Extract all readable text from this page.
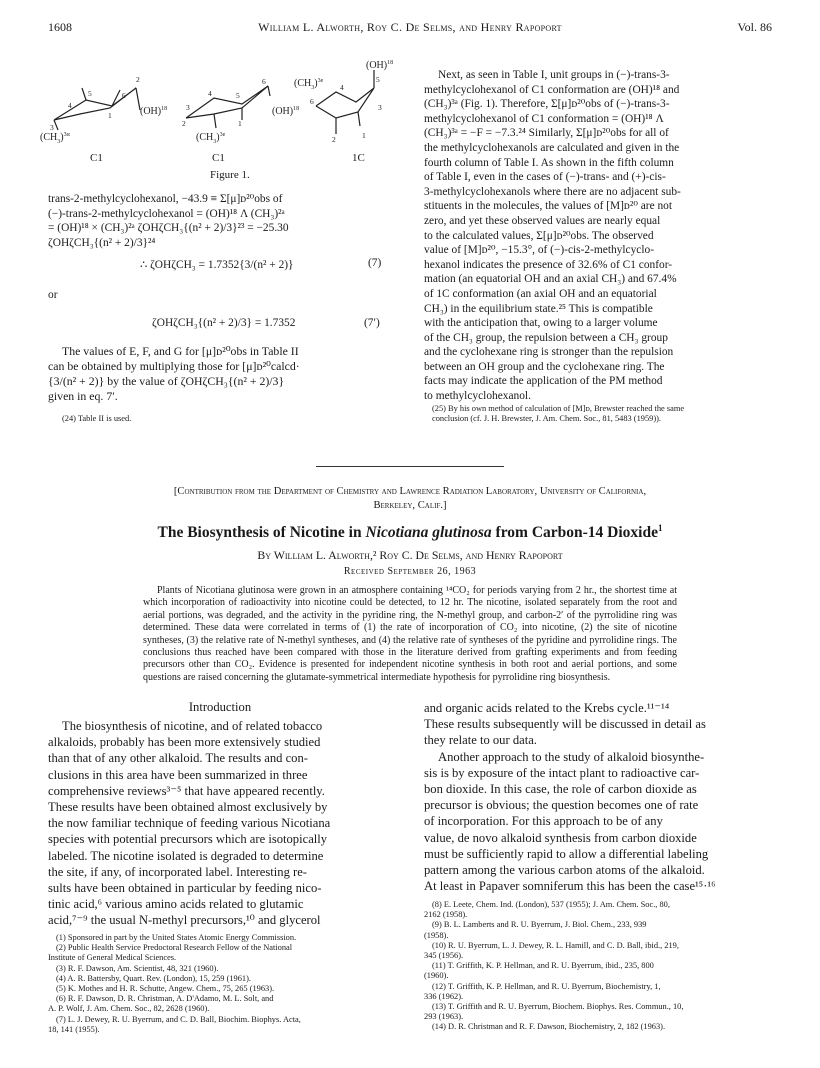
1608	William L. Alworth, Roy C. De Selms, and Henry Rapoport	Vol. 86
4
5	6
3
1
4	5
6
2	1
4
5
3
2	1
6
3
2
(OH)$^{18}$	(OH)$^{18}$
(OH)$^{18}$
$(CH_3)^{3\alpha}$	$(CH_3)^{3e}$
$(CH_3)^{3e}$
C1	C1	1C
Figure 1.
trans-2-methylcyclohexanol, −43.9 ≡ Σ[μ]ᴅ²⁰obs of
(−)-trans-2-methylcyclohexanol = (OH)¹⁸ Λ (CH₃)²ᵃ
= (OH)¹⁸ × (CH₃)²ᵃ ζOHζCH₃{(n² + 2)/3}²³ = −25.30
ζOHζCH₃{(n² + 2)/3}²⁴
∴ ζOHζCH₃ = 1.7352{3/(n² + 2)}	(7)
or
ζOHζCH₃{(n² + 2)/3} = 1.7352	(7′)
The values of E, F, and G for [μ]ᴅ²⁰obs in Table II
can be obtained by multiplying those for [μ]ᴅ²⁰calcd·
{3/(n² + 2)} by the value of ζOHζCH₃{(n² + 2)/3}
given in eq. 7′.
(24) Table II is used.
Next, as seen in Table I, unit groups in (−)-trans-3-
methylcyclohexanol of C1 conformation are (OH)¹⁸ and
(CH₃)³ᵃ (Fig. 1). Therefore, Σ[μ]ᴅ²⁰obs of (−)-trans-3-
methylcyclohexanol of C1 conformation = (OH)¹⁸ Λ
(CH₃)³ᵃ = −F = −7.3.²⁴ Similarly, Σ[μ]ᴅ²⁰obs for all of
the methylcyclohexanols are calculated and given in the
fourth column of Table I. As shown in the fifth column
of Table I, even in the cases of (−)-trans- and (+)-cis-
3-methylcyclohexanols where there are no adjacent sub-
stituents in the molecules, the values of [M]ᴅ²⁰ are not
zero, and yet these observed values are nearly equal
to the calculated values, Σ[μ]ᴅ²⁰obs. The observed
value of [M]ᴅ²⁰, −15.3°, of (−)-cis-2-methylcyclo-
hexanol indicates the presence of 32.6% of C1 confor-
mation (an equatorial OH and an axial CH₃) and 67.4%
of 1C conformation (an axial OH and an equatorial
CH₃) in the equilibrium state.²⁵ This is compatible
with the anticipation that, owing to a larger volume
of the CH₃ group, the repulsion between a CH₃ group
and the cyclohexane ring is stronger than the repulsion
between an OH group and the cyclohexane ring. The
facts may indicate the application of the PM method
to methylcyclohexanol.
(25) By his own method of calculation of [M]ᴅ, Brewster reached the same
conclusion (cf. J. H. Brewster, J. Am. Chem. Soc., 81, 5483 (1959)).
[Contribution from the Department of Chemistry and Lawrence Radiation Laboratory, University of California,
Berkeley, Calif.]
The Biosynthesis of Nicotine in Nicotiana glutinosa from Carbon-14 Dioxide$^1$
By William L. Alworth,² Roy C. De Selms, and Henry Rapoport
Received September 26, 1963
Plants of Nicotiana glutinosa were grown in an atmosphere containing ¹⁴CO₂ for periods varying from 2 hr., the shortest time at which incorporation of radioactivity into nicotine could be detected, to 12 hr. The nicotine, isolated separately from the root and aerial portions, was degraded, and the activity in the pyridine ring, the N-methyl group, and carbon-2′ of the pyrrolidine ring was determined. These data were correlated in terms of (1) the rate of incorporation of CO₂ into nicotine, (2) the site of nicotine syntheses, (3) the relative rate of N-methyl syntheses, and (4) the relative rate of syntheses of the pyridine and pyrrolidine rings. The conclusions thus reached have been compared with those in the literature derived from grafting experiments and from feeding precursors other than CO₂. Evidence is presented for independent nicotine synthesis in both root and aerial portions, and some questions are raised concerning the glutamate-symmetrical intermediate hypothesis for pyrrolidine ring biosynthesis.
Introduction
The biosynthesis of nicotine, and of related tobacco
alkaloids, probably has been more extensively studied
than that of any other alkaloid. The results and con-
clusions in this area have been summarized in three
comprehensive reviews³⁻⁵ that have appeared recently.
These results have been obtained almost exclusively by
the now familiar technique of feeding various Nicotiana
species with potential precursors which are isotopically
labeled. The nicotine isolated is degraded to determine
the site, if any, of incorporated label. Interesting re-
sults have been obtained in particular by feeding nico-
tinic acid,⁶ various amino acids related to glutamic
acid,⁷⁻⁹ the usual N-methyl precursors,¹⁰ and glycerol
(1) Sponsored in part by the United States Atomic Energy Commission.
(2) Public Health Service Predoctoral Research Fellow of the National
Institute of General Medical Sciences.
(3) R. F. Dawson, Am. Scientist, 48, 321 (1960).
(4) A. R. Battersby, Quart. Rev. (London), 15, 259 (1961).
(5) K. Mothes and H. R. Schutte, Angew. Chem., 75, 265 (1963).
(6) R. F. Dawson, D. R. Christman, A. D'Adamo, M. L. Solt, and
A. P. Wolf, J. Am. Chem. Soc., 82, 2628 (1960).
(7) L. J. Dewey, R. U. Byerrum, and C. D. Ball, Biochim. Biophys. Acta,
18, 141 (1955).
and organic acids related to the Krebs cycle.¹¹⁻¹⁴
These results subsequently will be discussed in detail as
they relate to our data.
Another approach to the study of alkaloid biosynthe-
sis is by exposure of the intact plant to radioactive car-
bon dioxide. In this case, the role of carbon dioxide as
precursor is obvious; the question becomes one of rate
of incorporation. For this approach to be of any
value, de novo alkaloid synthesis from carbon dioxide
must be sufficiently rapid to allow a differential labeling
pattern among the various carbon atoms of the alkaloid.
At least in Papaver somniferum this has been the case¹⁵·¹⁶
(8) E. Leete, Chem. Ind. (London), 537 (1955); J. Am. Chem. Soc., 80,
2162 (1958).
(9) B. L. Lamberts and R. U. Byerrum, J. Biol. Chem., 233, 939
(1958).
(10) R. U. Byerrum, L. J. Dewey, R. L. Hamill, and C. D. Ball, ibid., 219,
345 (1956).
(11) T. Griffith, K. P. Hellman, and R. U. Byerrum, ibid., 235, 800
(1960).
(12) T. Griffith, K. P. Hellman, and R. U. Byerrum, Biochemistry, 1,
336 (1962).
(13) T. Griffith and R. U. Byerrum, Biochem. Biophys. Res. Commun., 10,
293 (1963).
(14) D. R. Christman and R. F. Dawson, Biochemistry, 2, 182 (1963).
